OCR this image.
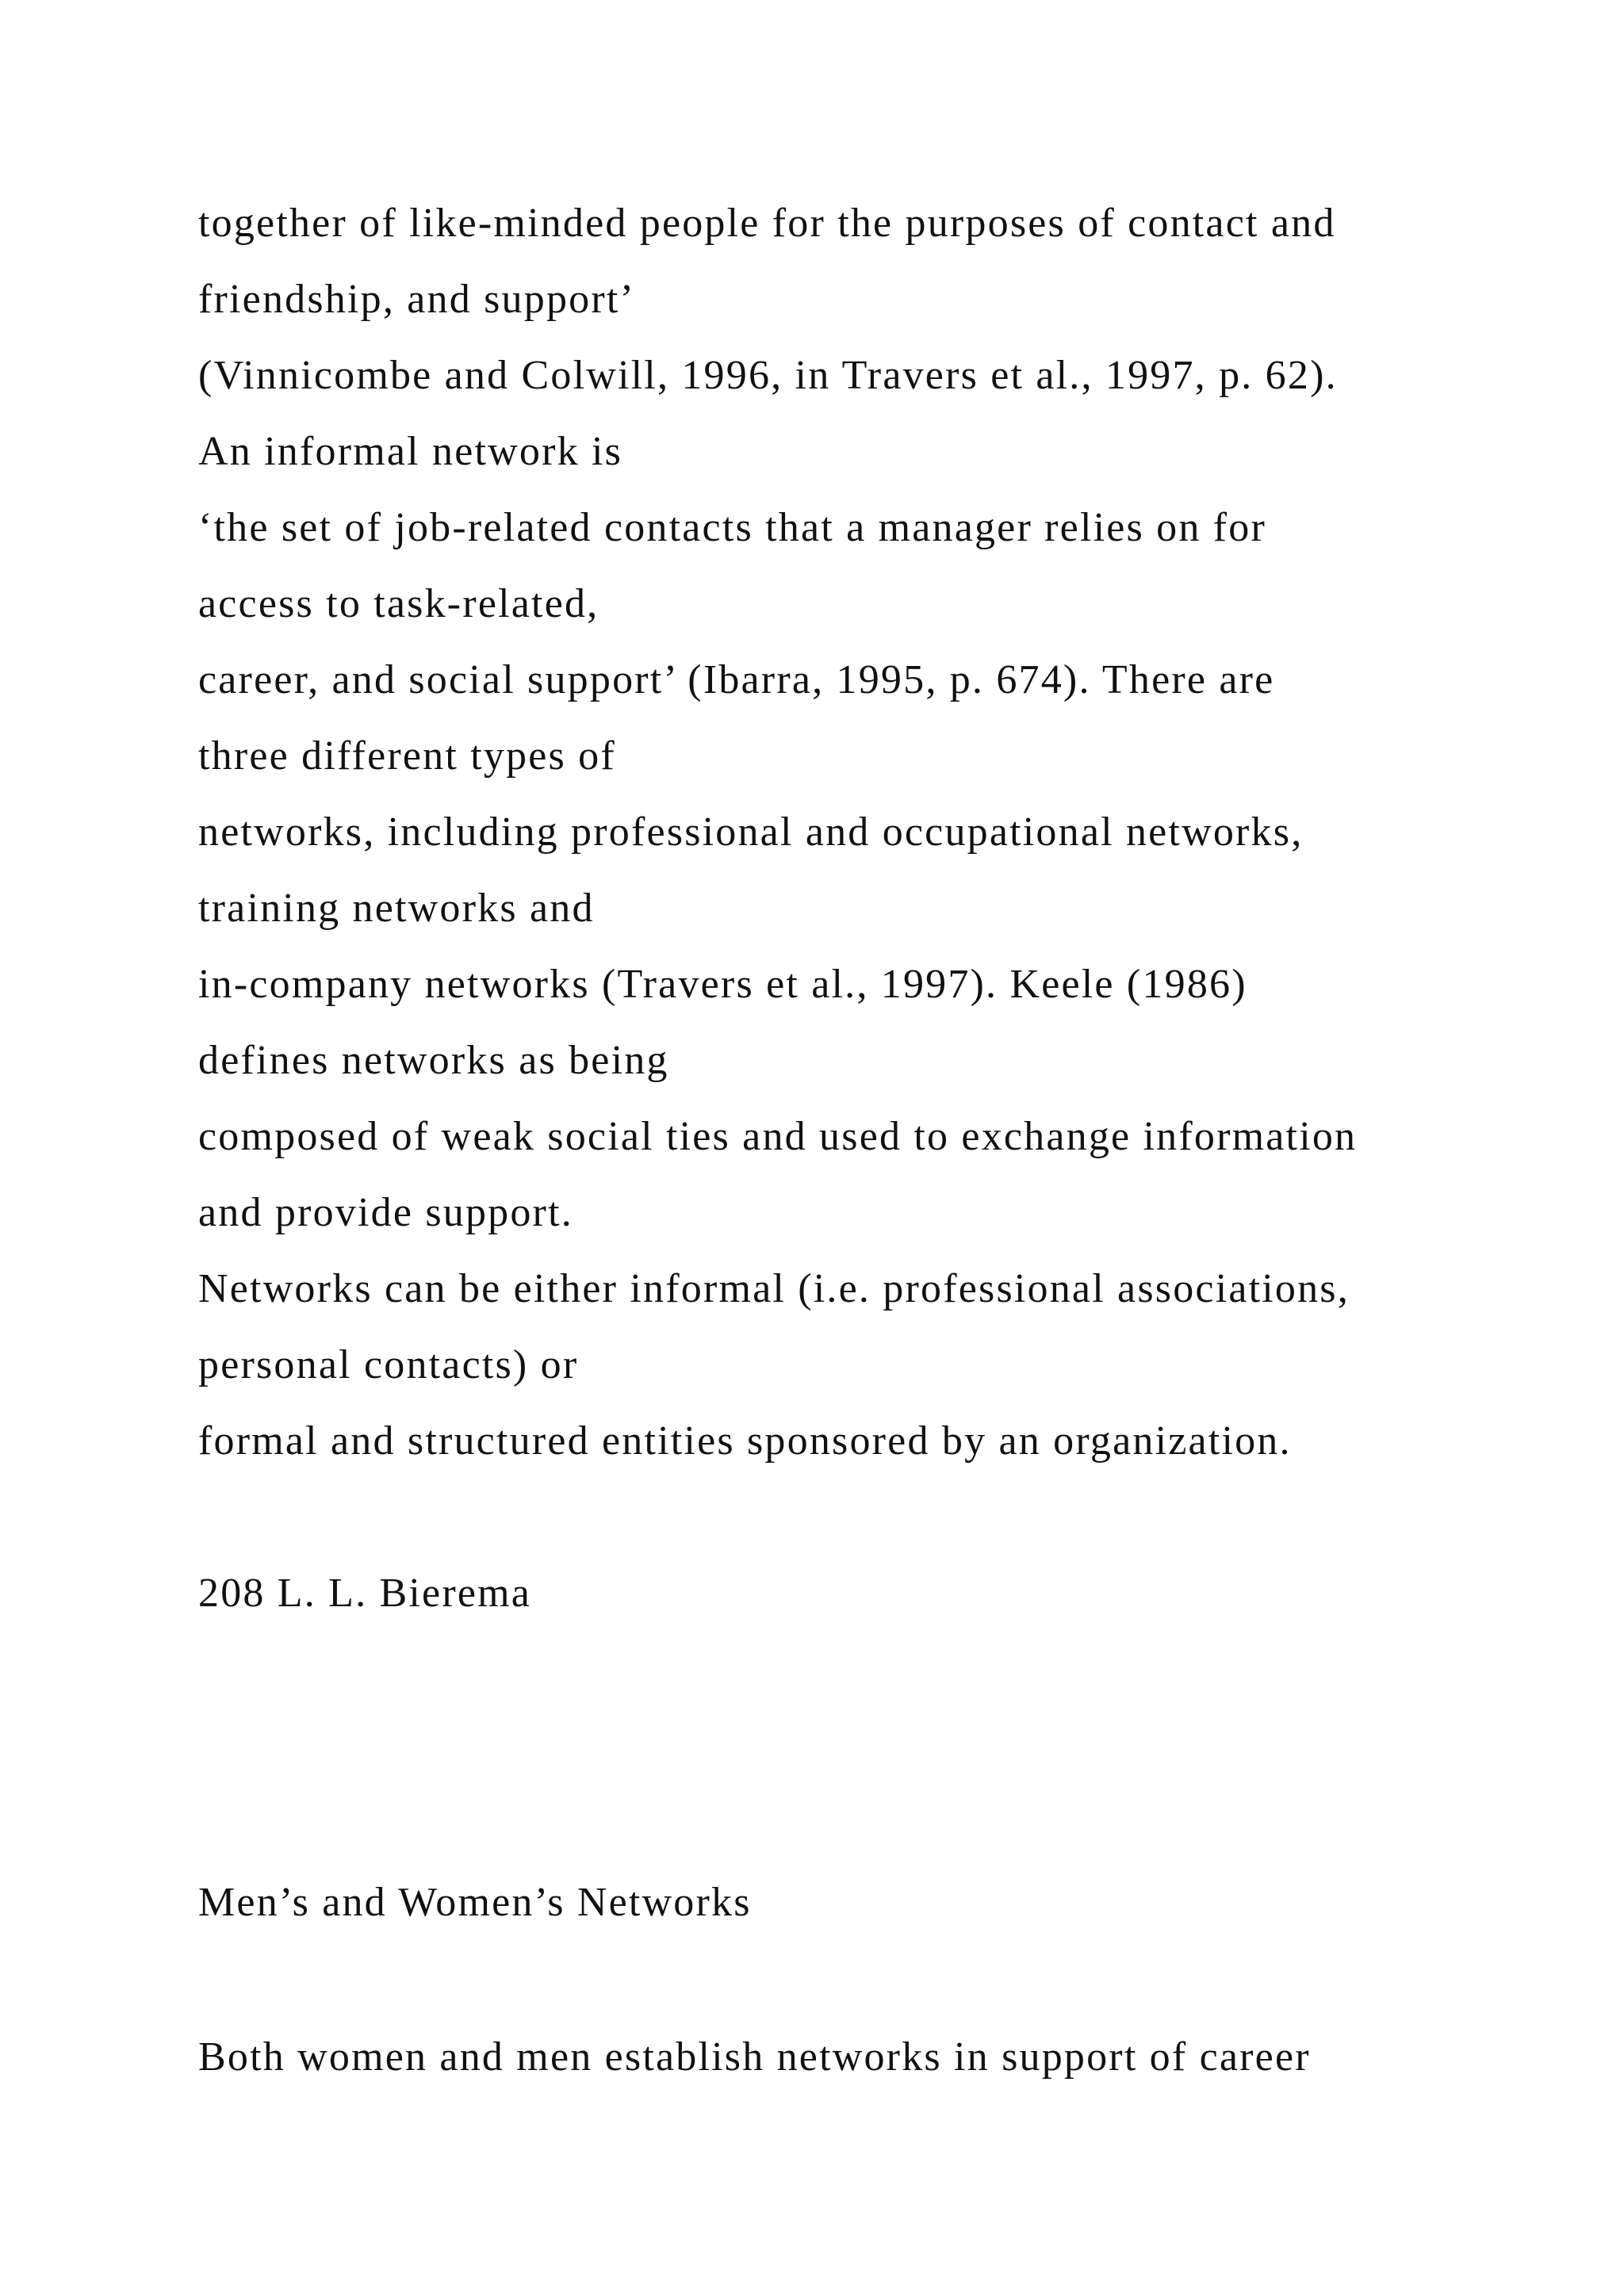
together of like-minded people for the purposes of contact and

friendship, and support’

(Vinnicombe and Colwill, 1996, in Travers et al., 1997, p. 62).

An informal network is

‘the set of job-related contacts that a manager relies on for

access to task-related,

career, and social support’ (Ibarra, 1995, p. 674). There are

three different types of

networks, including professional and occupational networks,

training networks and

in-company networks (Travers et al., 1997). Keele (1986)

defines networks as being

composed of weak social ties and used to exchange information

and provide support.

Networks can be either informal (i.e. professional associations,

personal contacts) or

formal and structured entities sponsored by an organization.

208 L. L. Bierema

Men’s and Women’s Networks

Both women and men establish networks in support of career
